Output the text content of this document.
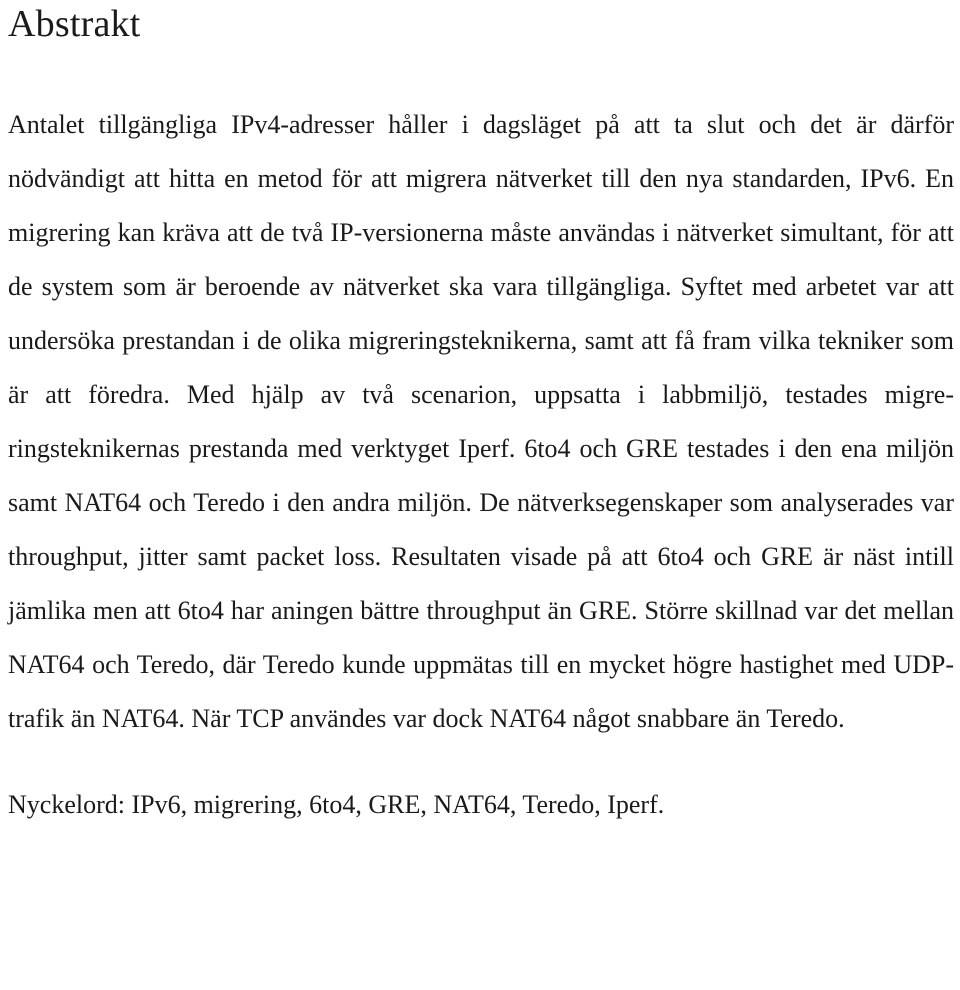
Abstrakt

Antalet tillgängliga IPv4-adresser håller i dagsläget på att ta slut och det är därför nödvändigt att hitta en metod för att migrera nätverket till den nya standarden, IPv6. En migrering kan kräva att de två IP-versionerna måste användas i nätverket simultant, för att de system som är beroende av nätverket ska vara tillgängliga. Syftet med arbetet var att undersöka prestandan i de olika migreringsteknikerna, samt att få fram vilka tekniker som är att föredra. Med hjälp av två scenarion, uppsatta i labbmiljö, testades migreringsteknikernas prestanda med verktyget Iperf. 6to4 och GRE testades i den ena miljön samt NAT64 och Teredo i den andra miljön. De nätverksegenskaper som analyserades var throughput, jitter samt packet loss. Resultaten visade på att 6to4 och GRE är näst intill jämlika men att 6to4 har aningen bättre throughput än GRE. Större skillnad var det mellan NAT64 och Teredo, där Teredo kunde uppmätas till en mycket högre hastighet med UDP-trafik än NAT64. När TCP användes var dock NAT64 något snabbare än Teredo.

Nyckelord: IPv6, migrering, 6to4, GRE, NAT64, Teredo, Iperf.
